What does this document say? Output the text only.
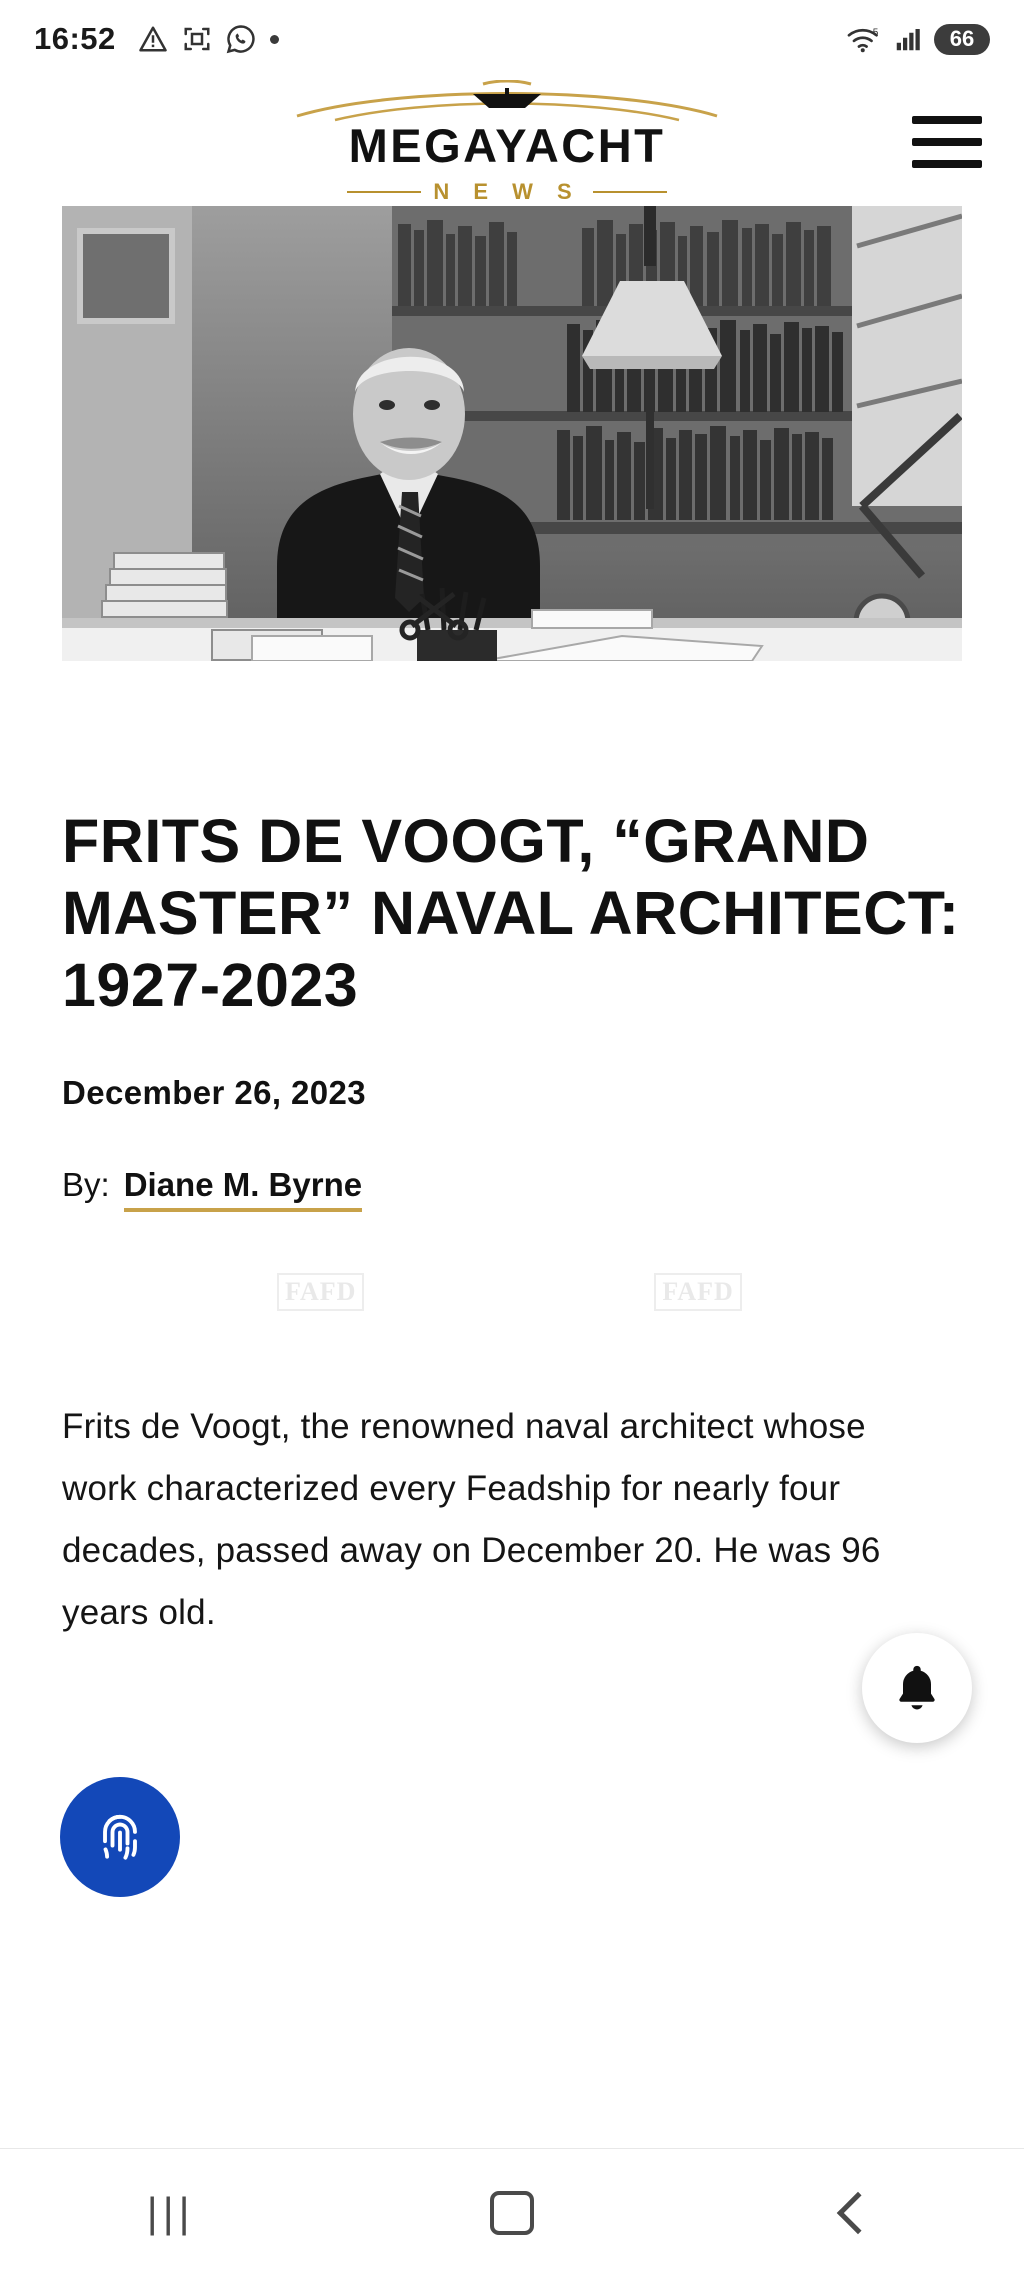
16:52	5	66
MEGAYACHT
N E W S
FRITS DE VOOGT, “GRAND MASTER” NAVAL ARCHITECT: 1927-2023
December 26, 2023
By: Diane M. Byrne
FAFD	FAFD

Frits de Voogt, the renowned naval architect whose work characterized every Feadship for nearly four decades, passed away on December 20. He was 96 years old.

|||
